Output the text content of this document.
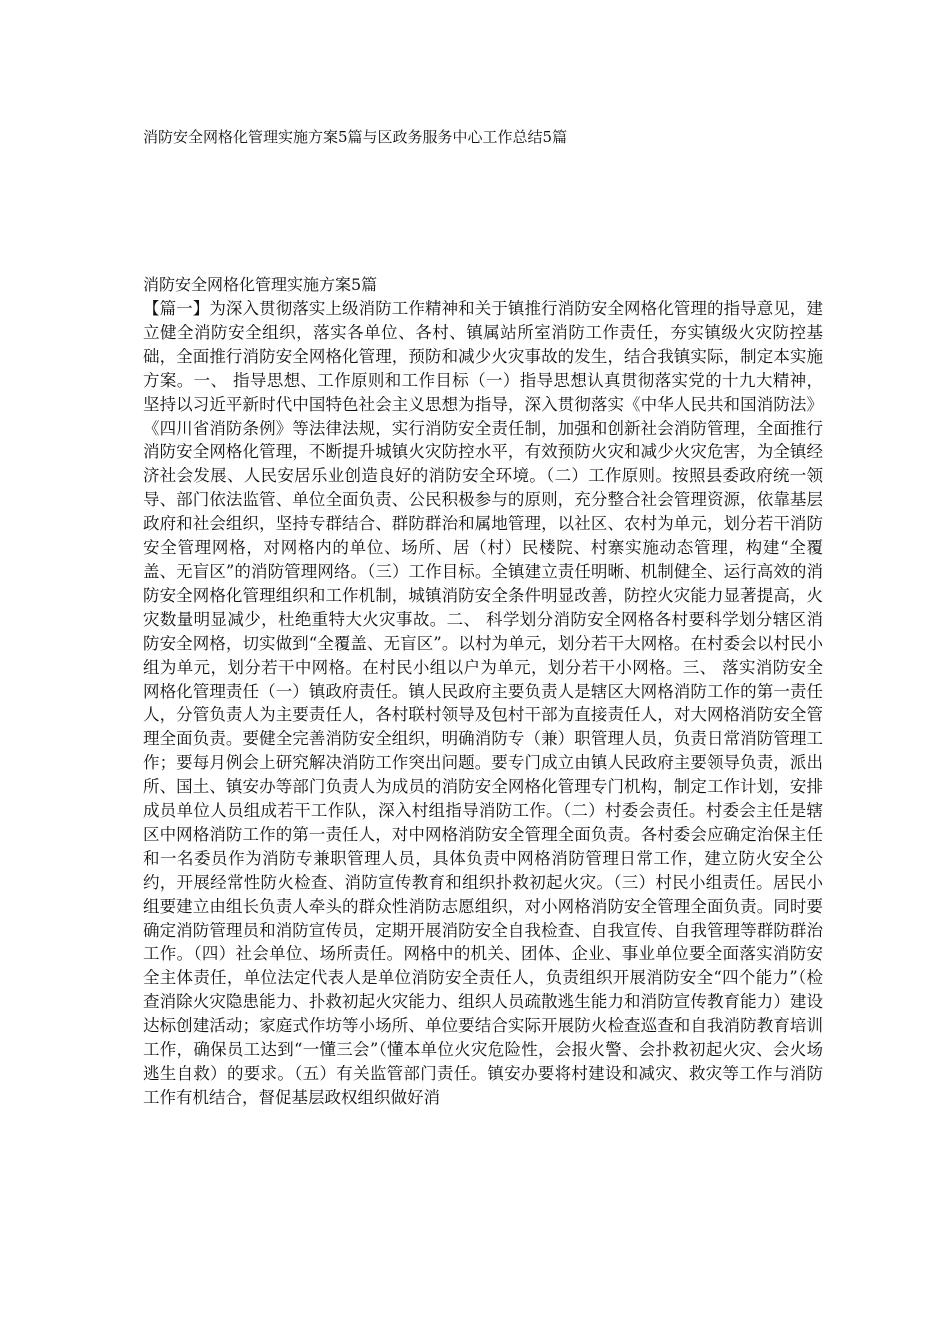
消防安全网格化管理实施方案5篇与区政务服务中心工作总结5篇
消防安全网格化管理实施方案5篇

【篇一】为深入贯彻落实上级消防工作精神和关于镇推行消防安全网格化管理的指导意见，建立健全消防安全组织，落实各单位、各村、镇属站所室消防工作责任，夯实镇级火灾防控基础，全面推行消防安全网格化管理，预防和减少火灾事故的发生，结合我镇实际，制定本实施方案。一、 指导思想、工作原则和工作目标（一）指导思想认真贯彻落实党的十九大精神，坚持以习近平新时代中国特色社会主义思想为指导，深入贯彻落实《中华人民共和国消防法》《四川省消防条例》等法律法规，实行消防安全责任制，加强和创新社会消防管理，全面推行消防安全网格化管理，不断提升城镇火灾防控水平，有效预防火灾和减少火灾危害，为全镇经济社会发展、人民安居乐业创造良好的消防安全环境。（二）工作原则。按照县委政府统一领导、部门依法监管、单位全面负责、公民积极参与的原则，充分整合社会管理资源，依靠基层政府和社会组织，坚持专群结合、群防群治和属地管理，以社区、农村为单元，划分若干消防安全管理网格，对网格内的单位、场所、居（村）民楼院、村寨实施动态管理，构建“全覆盖、无盲区”的消防管理网络。（三）工作目标。全镇建立责任明晰、机制健全、运行高效的消防安全网格化管理组织和工作机制，城镇消防安全条件明显改善，防控火灾能力显著提高，火灾数量明显减少，杜绝重特大火灾事故。二、 科学划分消防安全网格各村要科学划分辖区消防安全网格，切实做到“全覆盖、无盲区”。以村为单元，划分若干大网格。在村委会以村民小组为单元，划分若干中网格。在村民小组以户为单元，划分若干小网格。三、 落实消防安全网格化管理责任（一）镇政府责任。镇人民政府主要负责人是辖区大网格消防工作的第一责任人，分管负责人为主要责任人，各村联村领导及包村干部为直接责任人，对大网格消防安全管理全面负责。要健全完善消防安全组织，明确消防专（兼）职管理人员，负责日常消防管理工作；要每月例会上研究解决消防工作突出问题。要专门成立由镇人民政府主要领导负责，派出所、国土、镇安办等部门负责人为成员的消防安全网格化管理专门机构，制定工作计划，安排成员单位人员组成若干工作队，深入村组指导消防工作。（二）村委会责任。村委会主任是辖区中网格消防工作的第一责任人，对中网格消防安全管理全面负责。各村委会应确定治保主任和一名委员作为消防专兼职管理人员，具体负责中网格消防管理日常工作，建立防火安全公约，开展经常性防火检查、消防宣传教育和组织扑救初起火灾。（三）村民小组责任。居民小组要建立由组长负责人牵头的群众性消防志愿组织，对小网格消防安全管理全面负责。同时要确定消防管理员和消防宣传员，定期开展消防安全自我检查、自我宣传、自我管理等群防群治工作。（四）社会单位、场所责任。网格中的机关、团体、企业、事业单位要全面落实消防安全主体责任，单位法定代表人是单位消防安全责任人，负责组织开展消防安全“四个能力”（检查消除火灾隐患能力、扑救初起火灾能力、组织人员疏散逃生能力和消防宣传教育能力）建设达标创建活动；家庭式作坊等小场所、单位要结合实际开展防火检查巡查和自我消防教育培训工作，确保员工达到“一懂三会”（懂本单位火灾危险性，会报火警、会扑救初起火灾、会火场逃生自救）的要求。（五）有关监管部门责任。镇安办要将村建设和减灾、救灾等工作与消防工作有机结合，督促基层政权组织做好消
